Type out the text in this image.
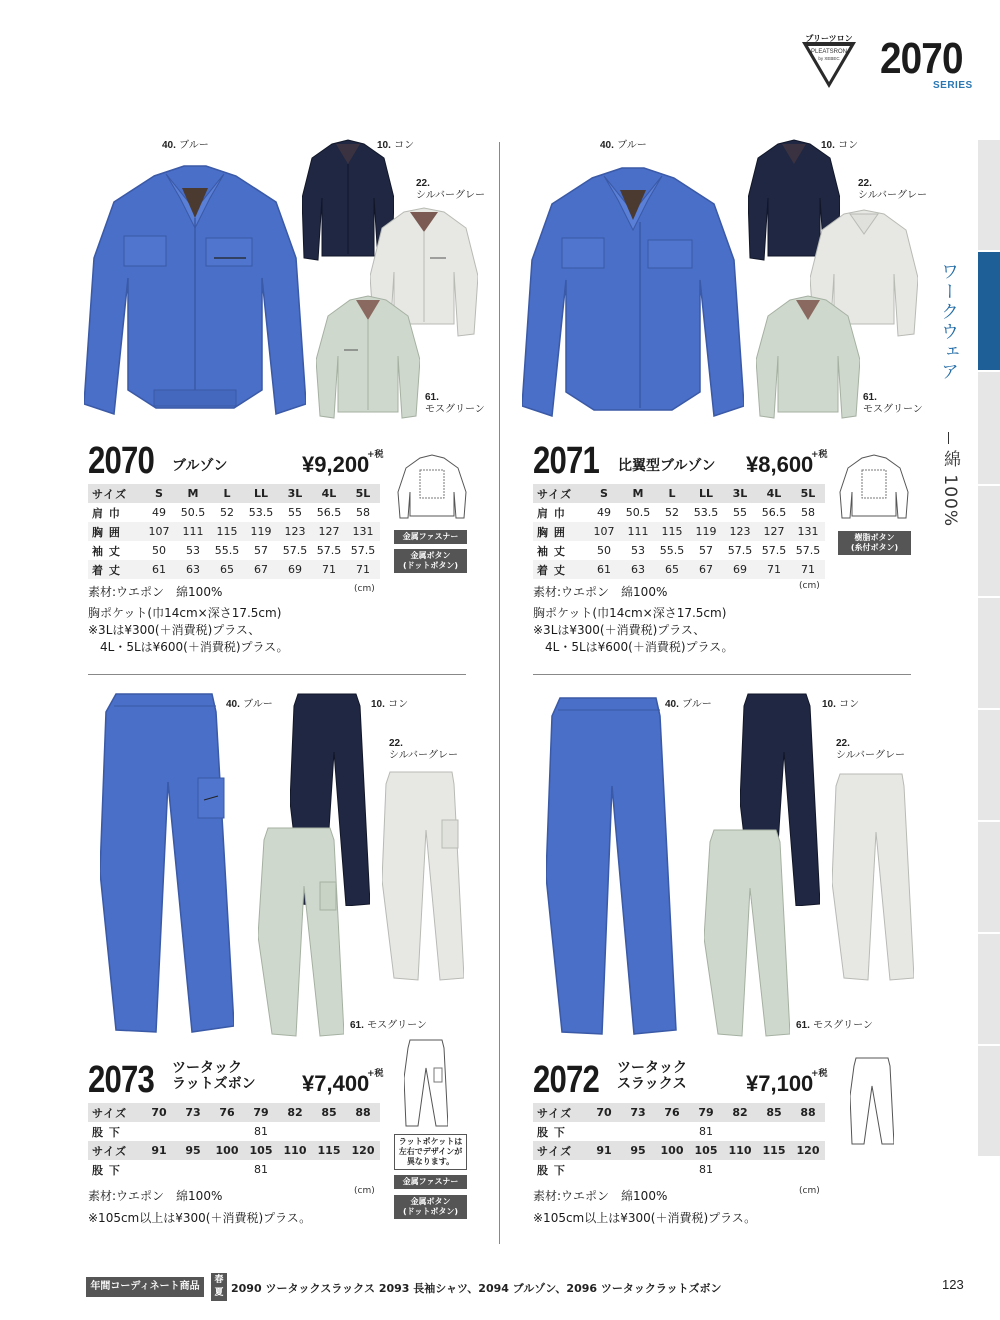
プリーツロン
PLEATSRON
by XEBEC 2070
SERIES
ワークウェア
綿 100%
40. ブルー	10. コン
22.
シルバーグレー
61.
モスグリーン
2070 ブルゾン	¥9,200
+税
サイズ	S	M	L	LL	3L	4L	5L
肩 巾	49	50.5	52	53.5	55	56.5	58
胸 囲	107	111	115	119	123	127	131
袖 丈	50	53	55.5	57	57.5	57.5	57.5
着 丈	61	63	65	67	69	71	71
(cm)
素材:ウエポン　綿100%
胸ポケット(巾14cm×深さ17.5cm)
※3Lは¥300(＋消費税)プラス、
　4L・5Lは¥600(＋消費税)プラス。
金属ファスナー
金属ボタン
(ドットボタン)
40. ブルー	10. コン
22.
シルバーグレー
61.
モスグリーン
2071 比翼型ブルゾン ¥8,600
+税
サイズ	S	M	L	LL	3L	4L	5L
肩 巾	49	50.5	52	53.5	55	56.5	58
胸 囲	107	111	115	119	123	127	131
袖 丈	50	53	55.5	57	57.5	57.5	57.5
着 丈	61	63	65	67	69	71	71
(cm)
素材:ウエポン　綿100%
胸ポケット(巾14cm×深さ17.5cm)
※3Lは¥300(＋消費税)プラス、
　4L・5Lは¥600(＋消費税)プラス。
樹脂ボタン
(糸付ボタン)
40. ブルー	10. コン
22.
シルバーグレー
61. モスグリーン
2073 ツータック
ラットズボン ¥7,400
+税
サイズ	70	73	76	79	82	85	88
股 下				81			
サイズ	91	95	100	105	110	115	120
股 下				81			
(cm)
素材:ウエポン　綿100%
※105cm以上は¥300(＋消費税)プラス。
ラットポケットは
左右でデザインが
異なります。
金属ファスナー
金属ボタン
(ドットボタン)
40. ブルー	10. コン
22.
シルバーグレー
61. モスグリーン
2072 ツータック
スラックス	¥7,100
+税
サイズ	70	73	76	79	82	85	88
股 下				81			
サイズ	91	95	100	105	110	115	120
股 下				81			
(cm)
素材:ウエポン　綿100%
※105cm以上は¥300(＋消費税)プラス。
年間コーディネート商品
春
夏 2090 ツータックスラックス 2093 長袖シャツ、2094 ブルゾン、2096 ツータックラットズボン	123
